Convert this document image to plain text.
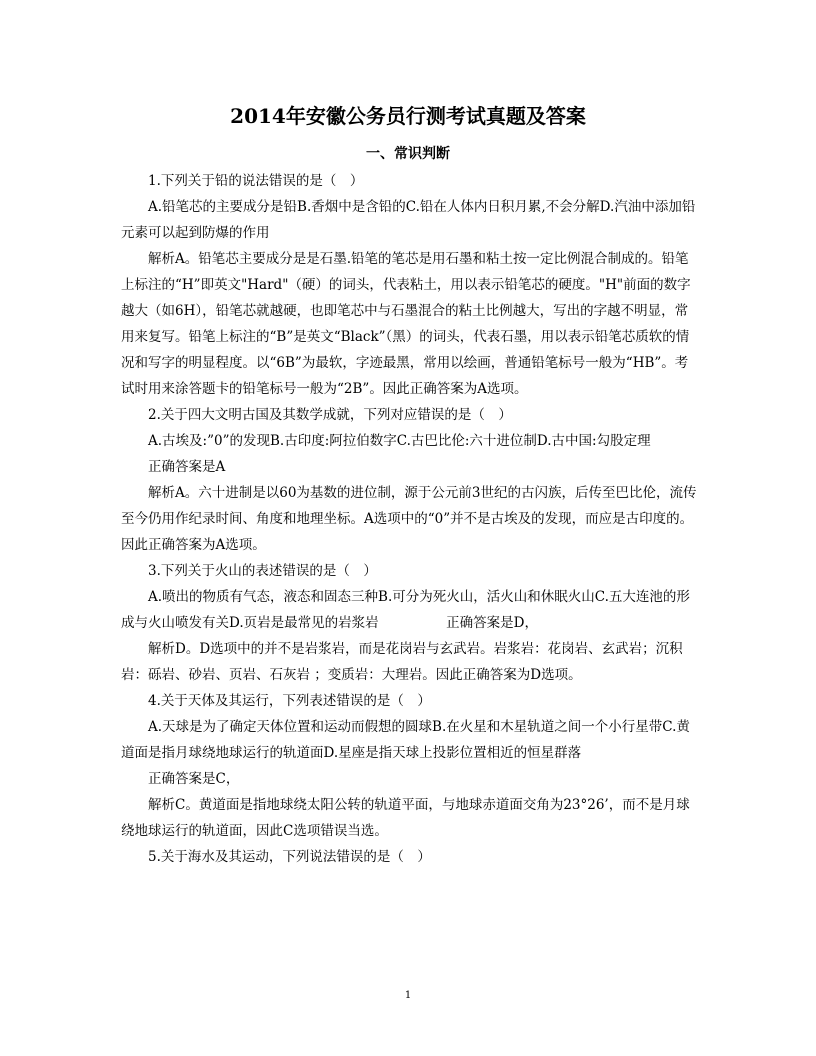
2014年安徽公务员行测考试真题及答案
一、常识判断

1.下列关于铅的说法错误的是（　）

A.铅笔芯的主要成分是铅B.香烟中是含铅的C.铅在人体内日积月累,不会分解D.汽油中添加铅元素可以起到防爆的作用

解析A。铅笔芯主要成分是是石墨.铅笔的笔芯是用石墨和粘土按一定比例混合制成的。铅笔上标注的“H”即英文"Hard"（硬）的词头，代表粘土，用以表示铅笔芯的硬度。"H"前面的数字越大（如6H），铅笔芯就越硬，也即笔芯中与石墨混合的粘土比例越大，写出的字越不明显，常用来复写。铅笔上标注的“B”是英文“Black”（黑）的词头，代表石墨，用以表示铅笔芯质软的情况和写字的明显程度。以“6B”为最软，字迹最黑，常用以绘画，普通铅笔标号一般为“HB”。考试时用来涂答题卡的铅笔标号一般为“2B”。因此正确答案为A选项。

2.关于四大文明古国及其数学成就，下列对应错误的是（　）

A.古埃及:”0”的发现B.古印度:阿拉伯数字C.古巴比伦:六十进位制D.古中国:勾股定理

正确答案是A

解析A。六十进制是以60为基数的进位制，源于公元前3世纪的古闪族，后传至巴比伦，流传至今仍用作纪录时间、角度和地理坐标。A选项中的“0”并不是古埃及的发现，而应是古印度的。因此正确答案为A选项。

3.下列关于火山的表述错误的是（　）

A.喷出的物质有气态，液态和固态三种B.可分为死火山，活火山和休眠火山C.五大连池的形成与火山喷发有关D.页岩是最常见的岩浆岩　　　　　正确答案是D，

解析D。D选项中的并不是岩浆岩，而是花岗岩与玄武岩。岩浆岩：花岗岩、玄武岩；沉积岩：砾岩、砂岩、页岩、石灰岩 ；变质岩：大理岩。因此正确答案为D选项。

4.关于天体及其运行，下列表述错误的是（　）

A.天球是为了确定天体位置和运动而假想的圆球B.在火星和木星轨道之间一个小行星带C.黄道面是指月球绕地球运行的轨道面D.星座是指天球上投影位置相近的恒星群落

正确答案是C，

解析C。黄道面是指地球绕太阳公转的轨道平面，与地球赤道面交角为23°26’，而不是月球绕地球运行的轨道面，因此C选项错误当选。

5.关于海水及其运动，下列说法错误的是（　）

1
